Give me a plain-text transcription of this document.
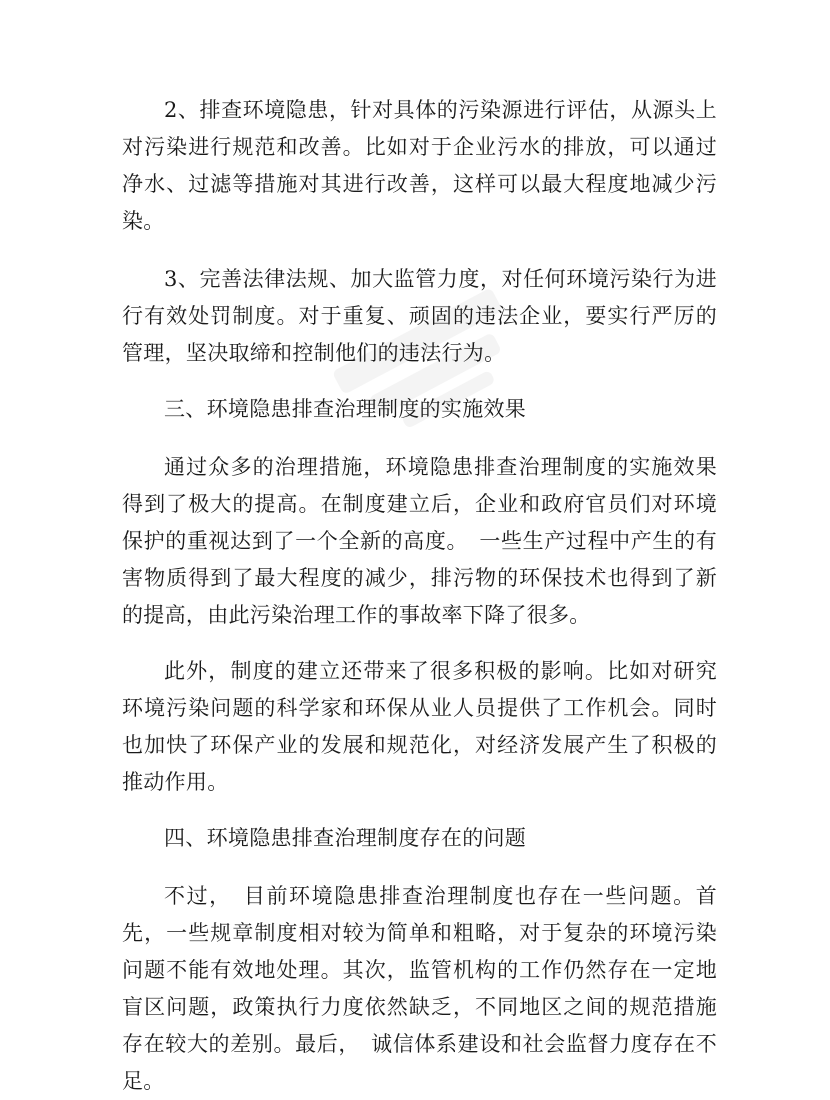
2、排查环境隐患，针对具体的污染源进行评估，从源头上对污染进行规范和改善。比如对于企业污水的排放，可以通过净水、过滤等措施对其进行改善，这样可以最大程度地减少污染。

3、完善法律法规、加大监管力度，对任何环境污染行为进行有效处罚制度。对于重复、顽固的违法企业，要实行严厉的管理，坚决取缔和控制他们的违法行为。

三、环境隐患排查治理制度的实施效果

通过众多的治理措施，环境隐患排查治理制度的实施效果得到了极大的提高。在制度建立后，企业和政府官员们对环境保护的重视达到了一个全新的高度。　一些生产过程中产生的有害物质得到了最大程度的减少，排污物的环保技术也得到了新的提高，由此污染治理工作的事故率下降了很多。

此外，制度的建立还带来了很多积极的影响。比如对研究环境污染问题的科学家和环保从业人员提供了工作机会。同时也加快了环保产业的发展和规范化，对经济发展产生了积极的推动作用。

四、环境隐患排查治理制度存在的问题

不过，　目前环境隐患排查治理制度也存在一些问题。首先，一些规章制度相对较为简单和粗略，对于复杂的环境污染问题不能有效地处理。其次，监管机构的工作仍然存在一定地盲区问题，政策执行力度依然缺乏，不同地区之间的规范措施存在较大的差别。最后，　诚信体系建设和社会监督力度存在不足。
